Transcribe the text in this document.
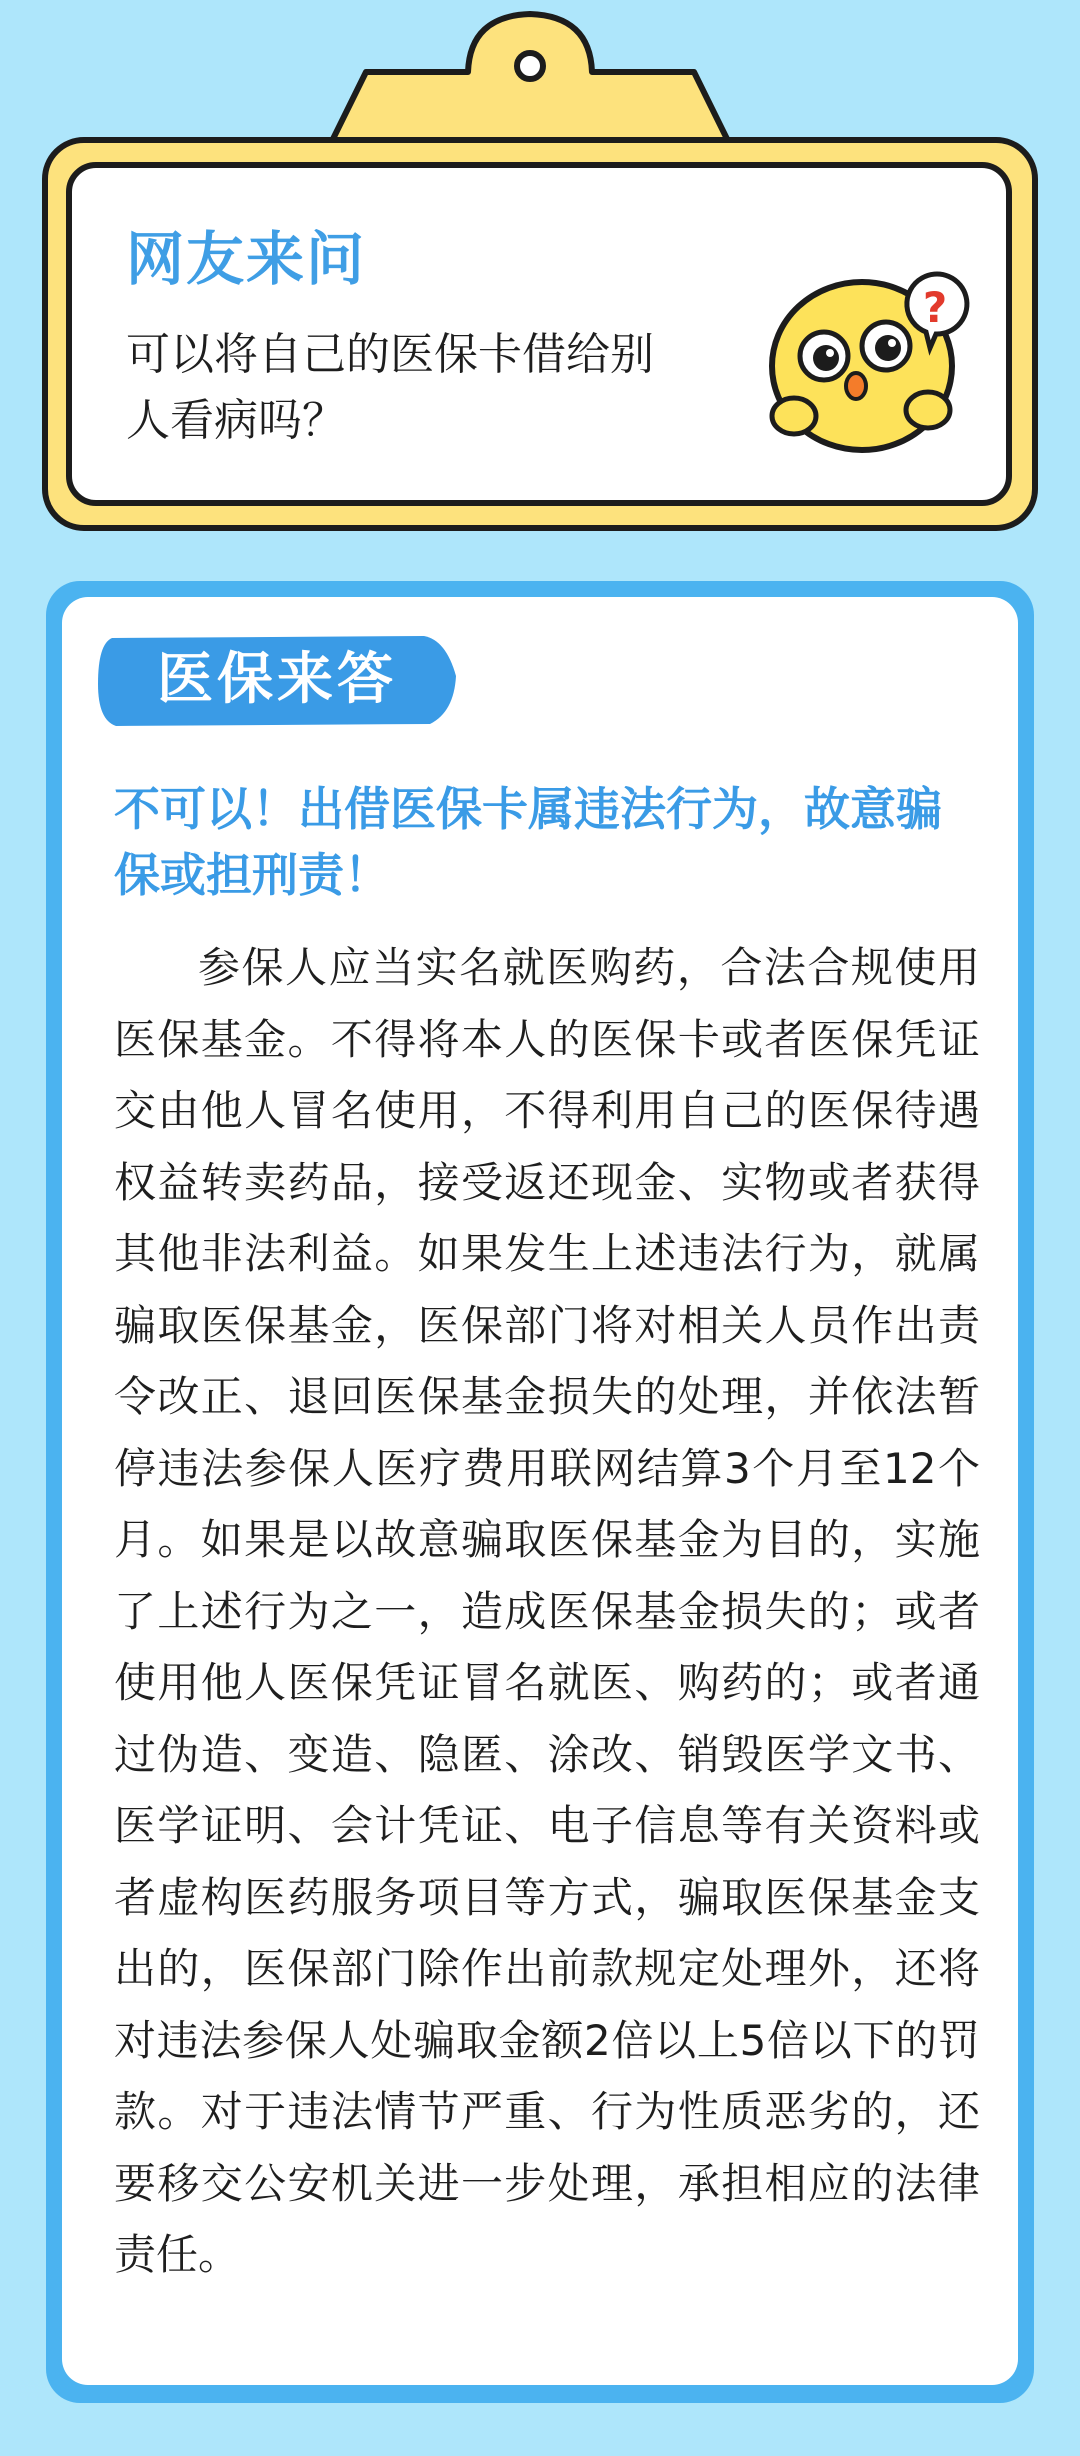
网友来问
可以将自己的医保卡借给别人看病吗？
?
医保来答
不可以！出借医保卡属违法行为，故意骗保或担刑责！

参保人应当实名就医购药，合法合规使用医保基金。不得将本人的医保卡或者医保凭证交由他人冒名使用，不得利用自己的医保待遇权益转卖药品，接受返还现金、实物或者获得其他非法利益。如果发生上述违法行为，就属骗取医保基金，医保部门将对相关人员作出责令改正、退回医保基金损失的处理，并依法暂停违法参保人医疗费用联网结算3个月至12个月。如果是以故意骗取医保基金为目的，实施了上述行为之一，造成医保基金损失的；或者使用他人医保凭证冒名就医、购药的；或者通过伪造、变造、隐匿、涂改、销毁医学文书、医学证明、会计凭证、电子信息等有关资料或者虚构医药服务项目等方式，骗取医保基金支出的，医保部门除作出前款规定处理外，还将对违法参保人处骗取金额2倍以上5倍以下的罚款。对于违法情节严重、行为性质恶劣的，还要移交公安机关进一步处理，承担相应的法律责任。
